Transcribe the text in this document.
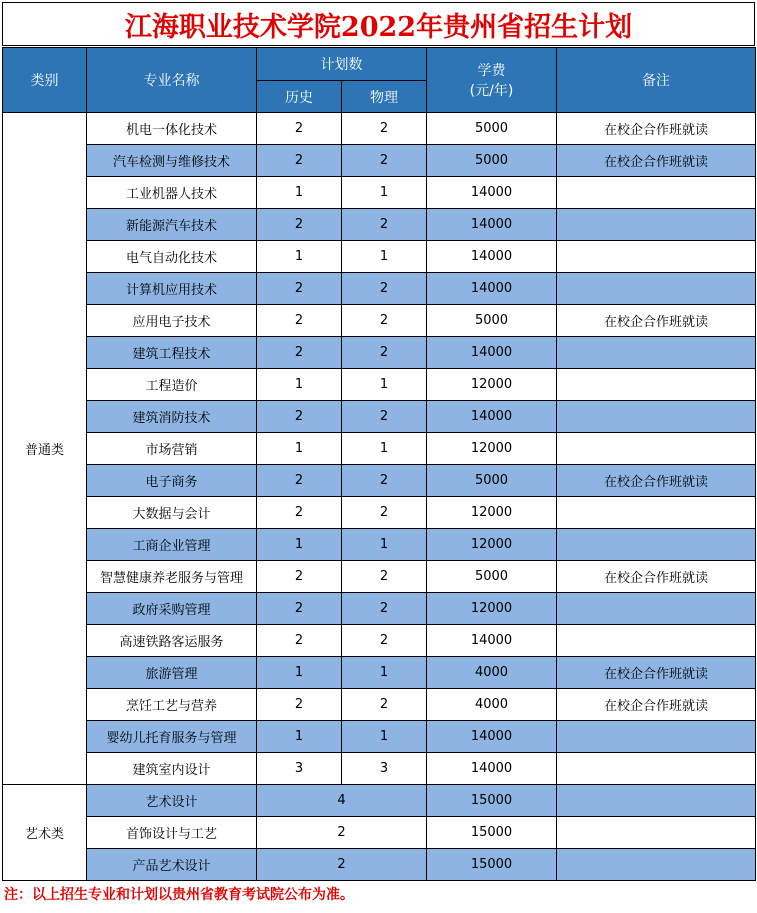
江海职业技术学院2022年贵州省招生计划
类别	专业名称	计划数		学费
(元/年)	备注
		历史	物理		
普通类	机电一体化技术	2	2	5000	在校企合作班就读
	汽车检测与维修技术	2	2	5000	在校企合作班就读
	工业机器人技术	1	1	14000	
	新能源汽车技术	2	2	14000	
	电气自动化技术	1	1	14000	
	计算机应用技术	2	2	14000	
	应用电子技术	2	2	5000	在校企合作班就读
	建筑工程技术	2	2	14000	
	工程造价	1	1	12000	
	建筑消防技术	2	2	14000	
	市场营销	1	1	12000	
	电子商务	2	2	5000	在校企合作班就读
	大数据与会计	2	2	12000	
	工商企业管理	1	1	12000	
	智慧健康养老服务与管理	2	2	5000	在校企合作班就读
	政府采购管理	2	2	12000	
	高速铁路客运服务	2	2	14000	
	旅游管理	1	1	4000	在校企合作班就读
	烹饪工艺与营养	2	2	4000	在校企合作班就读
	婴幼儿托育服务与管理	1	1	14000	
	建筑室内设计	3	3	14000	
艺术类	艺术设计	4		15000	
	首饰设计与工艺	2		15000	
	产品艺术设计	2		15000	
注：以上招生专业和计划以贵州省教育考试院公布为准。
